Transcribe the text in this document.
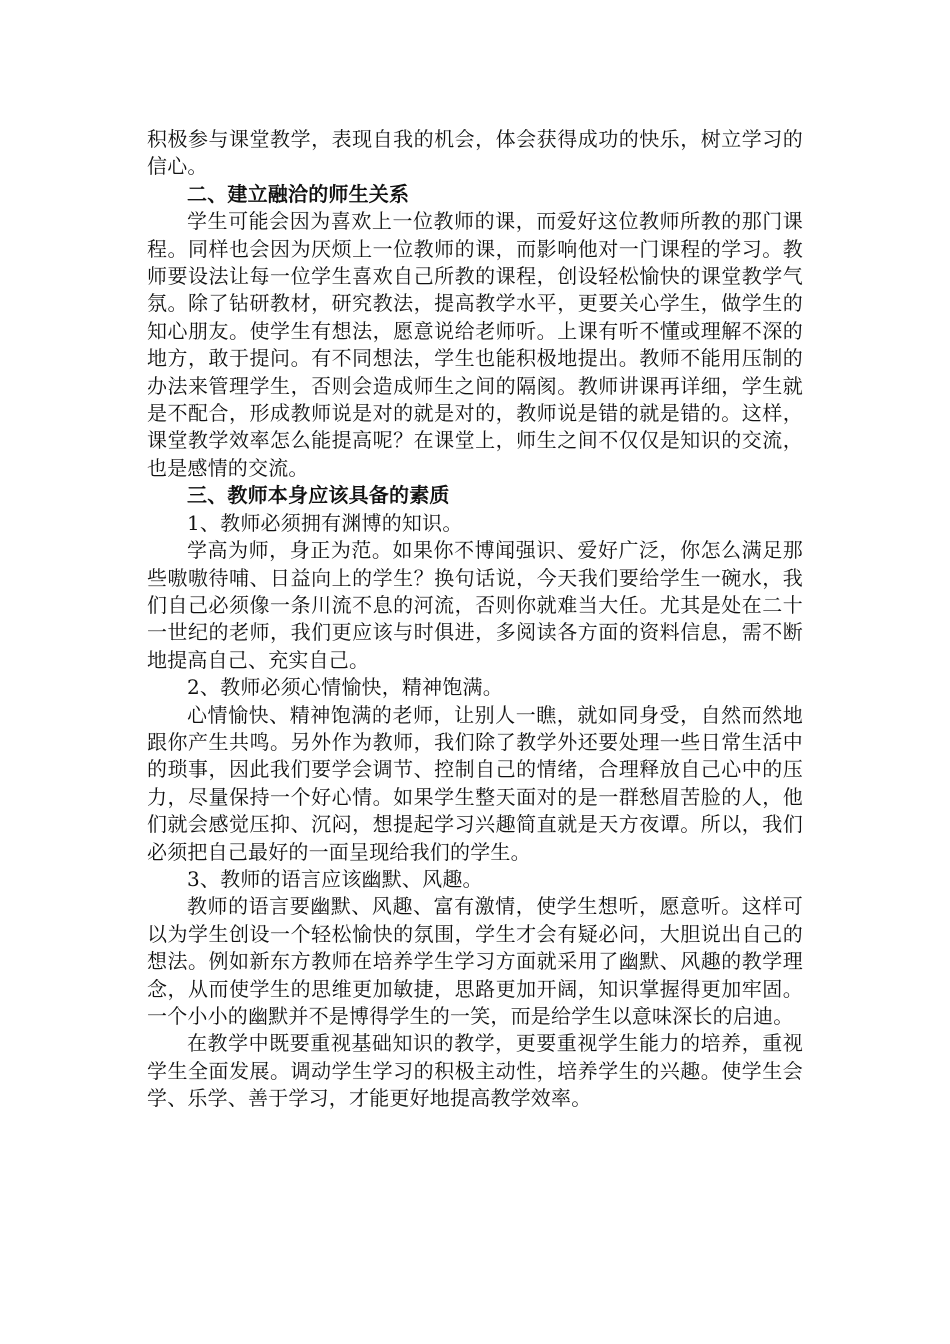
积极参与课堂教学，表现自我的机会，体会获得成功的快乐，树立学习的信心。

二、建立融洽的师生关系

学生可能会因为喜欢上一位教师的课，而爱好这位教师所教的那门课程。同样也会因为厌烦上一位教师的课，而影响他对一门课程的学习。教师要设法让每一位学生喜欢自己所教的课程，创设轻松愉快的课堂教学气氛。除了钻研教材，研究教法，提高教学水平，更要关心学生，做学生的知心朋友。使学生有想法，愿意说给老师听。上课有听不懂或理解不深的地方，敢于提问。有不同想法，学生也能积极地提出。教师不能用压制的办法来管理学生，否则会造成师生之间的隔阂。教师讲课再详细，学生就是不配合，形成教师说是对的就是对的，教师说是错的就是错的。这样，课堂教学效率怎么能提高呢？在课堂上，师生之间不仅仅是知识的交流，也是感情的交流。

三、教师本身应该具备的素质

1、教师必须拥有渊博的知识。

学高为师，身正为范。如果你不博闻强识、爱好广泛，你怎么满足那些嗷嗷待哺、日益向上的学生？换句话说，今天我们要给学生一碗水，我们自己必须像一条川流不息的河流，否则你就难当大任。尤其是处在二十一世纪的老师，我们更应该与时俱进，多阅读各方面的资料信息，需不断地提高自己、充实自己。

2、教师必须心情愉快，精神饱满。

心情愉快、精神饱满的老师，让别人一瞧，就如同身受，自然而然地跟你产生共鸣。另外作为教师，我们除了教学外还要处理一些日常生活中的琐事，因此我们要学会调节、控制自己的情绪，合理释放自己心中的压力，尽量保持一个好心情。如果学生整天面对的是一群愁眉苦脸的人，他们就会感觉压抑、沉闷，想提起学习兴趣简直就是天方夜谭。所以，我们必须把自己最好的一面呈现给我们的学生。

3、教师的语言应该幽默、风趣。

教师的语言要幽默、风趣、富有激情，使学生想听，愿意听。这样可以为学生创设一个轻松愉快的氛围，学生才会有疑必问，大胆说出自己的想法。例如新东方教师在培养学生学习方面就采用了幽默、风趣的教学理念，从而使学生的思维更加敏捷，思路更加开阔，知识掌握得更加牢固。一个小小的幽默并不是博得学生的一笑，而是给学生以意味深长的启迪。

在教学中既要重视基础知识的教学，更要重视学生能力的培养，重视学生全面发展。调动学生学习的积极主动性，培养学生的兴趣。使学生会学、乐学、善于学习，才能更好地提高教学效率。
